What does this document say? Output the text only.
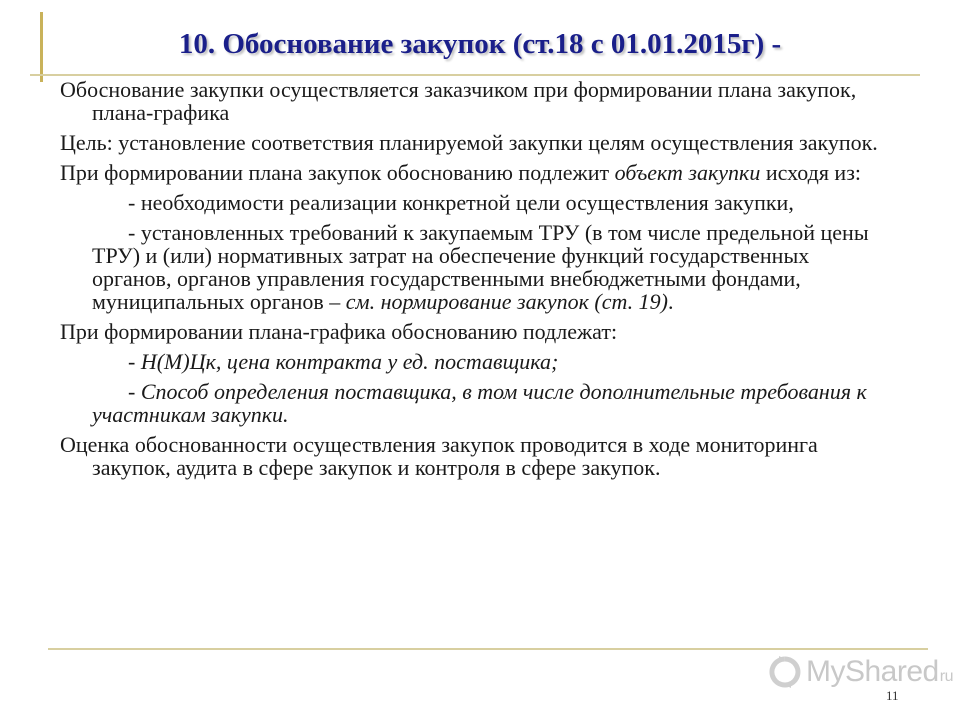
10. Обоснование закупок (ст.18 с 01.01.2015г) -

Обоснование закупки осуществляется заказчиком при формировании плана закупок, плана-графика

Цель: установление соответствия планируемой закупки целям осуществления закупок.

При формировании плана закупок обоснованию подлежит объект закупки исходя из:

- необходимости реализации конкретной цели осуществления закупки,

- установленных требований к закупаемым ТРУ (в том числе предельной цены ТРУ) и (или) нормативных затрат на обеспечение функций государственных органов, органов управления государственными внебюджетными фондами, муниципальных органов – см. нормирование закупок (ст. 19).

При формировании плана-графика обоснованию подлежат:

- Н(М)Цк, цена контракта у ед. поставщика;

- Способ определения поставщика, в том числе дополнительные требования к участникам закупки.

Оценка обоснованности осуществления закупок проводится в ходе мониторинга закупок, аудита в сфере закупок и контроля в сфере закупок.

MySharedru
11
